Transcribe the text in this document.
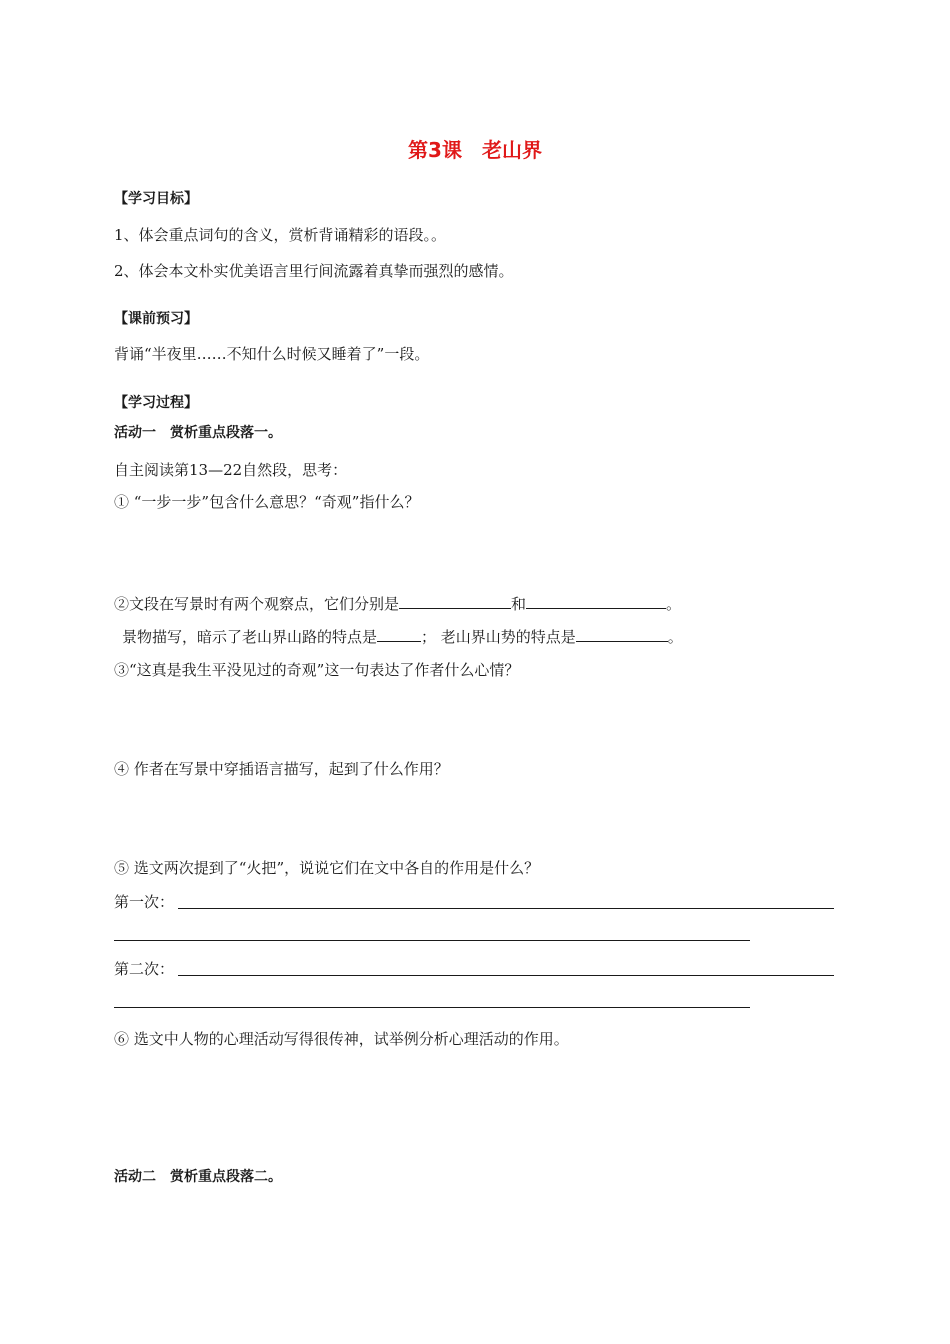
第3课　老山界
【学习目标】
1、体会重点词句的含义，赏析背诵精彩的语段。。
2、体会本文朴实优美语言里行间流露着真挚而强烈的感情。
【课前预习】
背诵“半夜里……不知什么时候又睡着了”一段。
【学习过程】
活动一　赏析重点段落一。
自主阅读第13—22自然段，思考：
① “一步一步”包含什么意思？“奇观”指什么？
②文段在写景时有两个观察点，它们分别是	和	。
景物描写，暗示了老山界山路的特点是	； 老山界山势的特点是	。
③“这真是我生平没见过的奇观”这一句表达了作者什么心情？
④ 作者在写景中穿插语言描写，起到了什么作用？
⑤ 选文两次提到了“火把”，说说它们在文中各自的作用是什么？
第一次：
第二次：
⑥ 选文中人物的心理活动写得很传神，试举例分析心理活动的作用。
活动二　赏析重点段落二。
